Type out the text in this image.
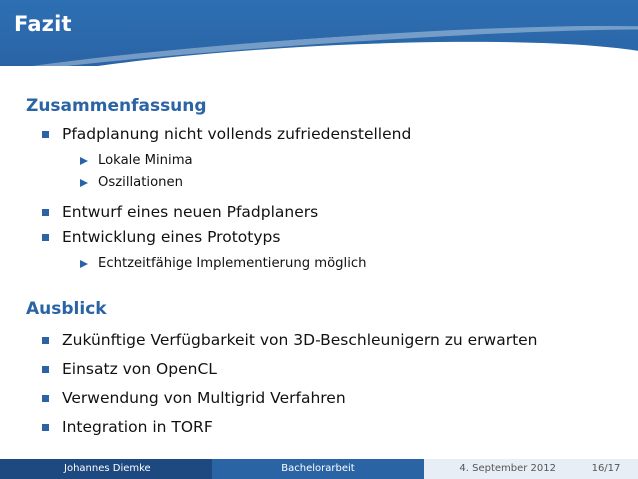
Fazit
Zusammenfassung
Pfadplanung nicht vollends zufriedenstellend
Lokale Minima
Oszillationen
Entwurf eines neuen Pfadplaners
Entwicklung eines Prototyps
Echtzeitfähige Implementierung möglich
Ausblick
Zukünftige Verfügbarkeit von 3D-Beschleunigern zu erwarten
Einsatz von OpenCL
Verwendung von Multigrid Verfahren
Integration in TORF
Johannes Diemke	Bachelorarbeit	4. September 2012	16/17
